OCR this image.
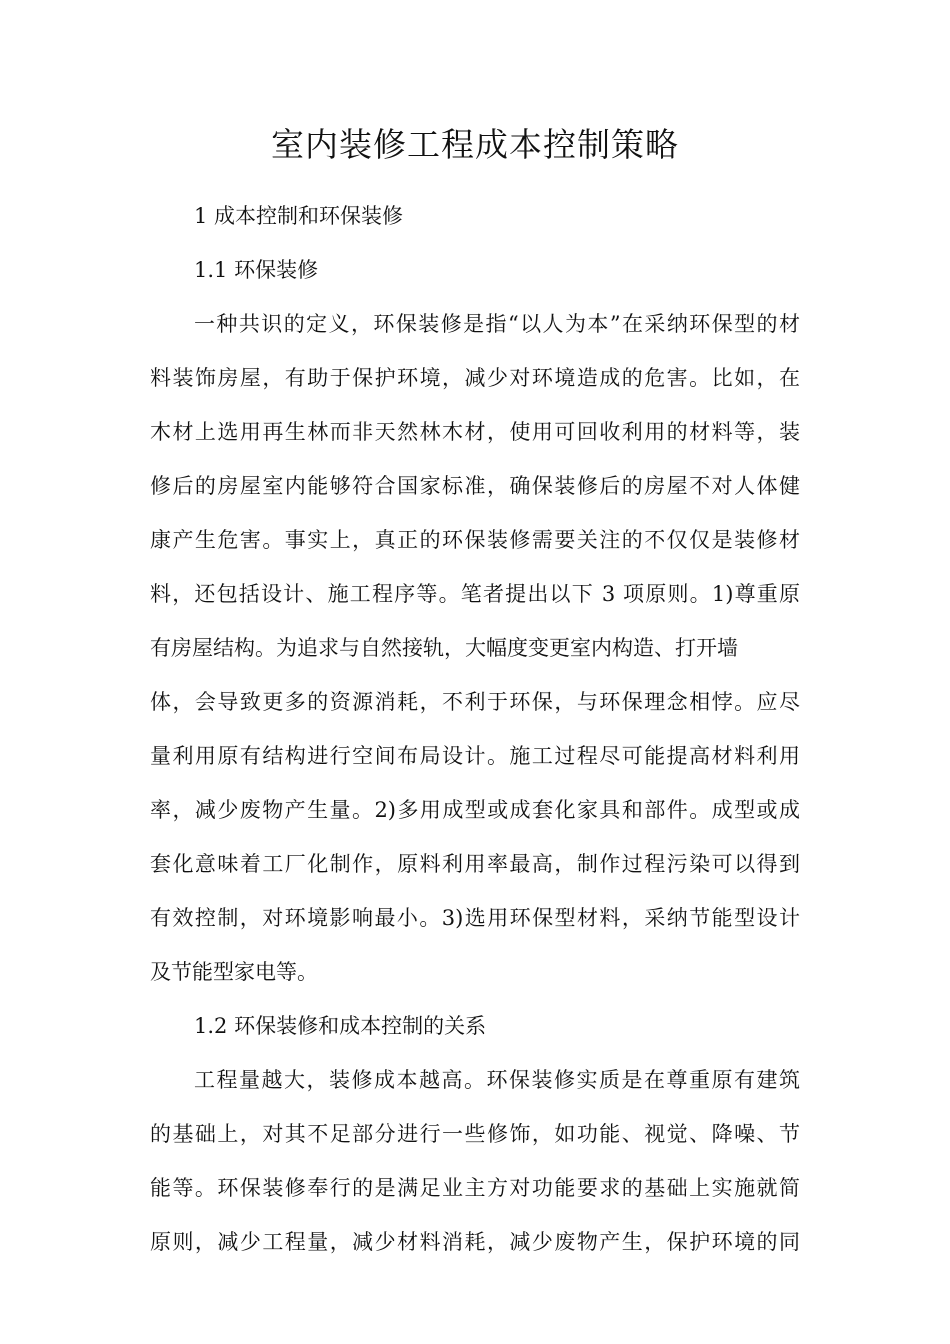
室内装修工程成本控制策略
1 成本控制和环保装修
1.1 环保装修
一种共识的定义，环保装修是指“以人为本”在采纳环保型的材
料装饰房屋，有助于保护环境，减少对环境造成的危害。比如，在
木材上选用再生林而非天然林木材，使用可回收利用的材料等，装
修后的房屋室内能够符合国家标准，确保装修后的房屋不对人体健
康产生危害。事实上，真正的环保装修需要关注的不仅仅是装修材
料，还包括设计、施工程序等。笔者提出以下 3 项原则。1)尊重原
有房屋结构。为追求与自然接轨，大幅度变更室内构造、打开墙
体，会导致更多的资源消耗，不利于环保，与环保理念相悖。应尽
量利用原有结构进行空间布局设计。施工过程尽可能提高材料利用
率，减少废物产生量。2)多用成型或成套化家具和部件。成型或成
套化意味着工厂化制作，原料利用率最高，制作过程污染可以得到
有效控制，对环境影响最小。3)选用环保型材料，采纳节能型设计
及节能型家电等。
1.2 环保装修和成本控制的关系
工程量越大，装修成本越高。环保装修实质是在尊重原有建筑
的基础上，对其不足部分进行一些修饰，如功能、视觉、降噪、节
能等。环保装修奉行的是满足业主方对功能要求的基础上实施就简
原则，减少工程量，减少材料消耗，减少废物产生，保护环境的同
